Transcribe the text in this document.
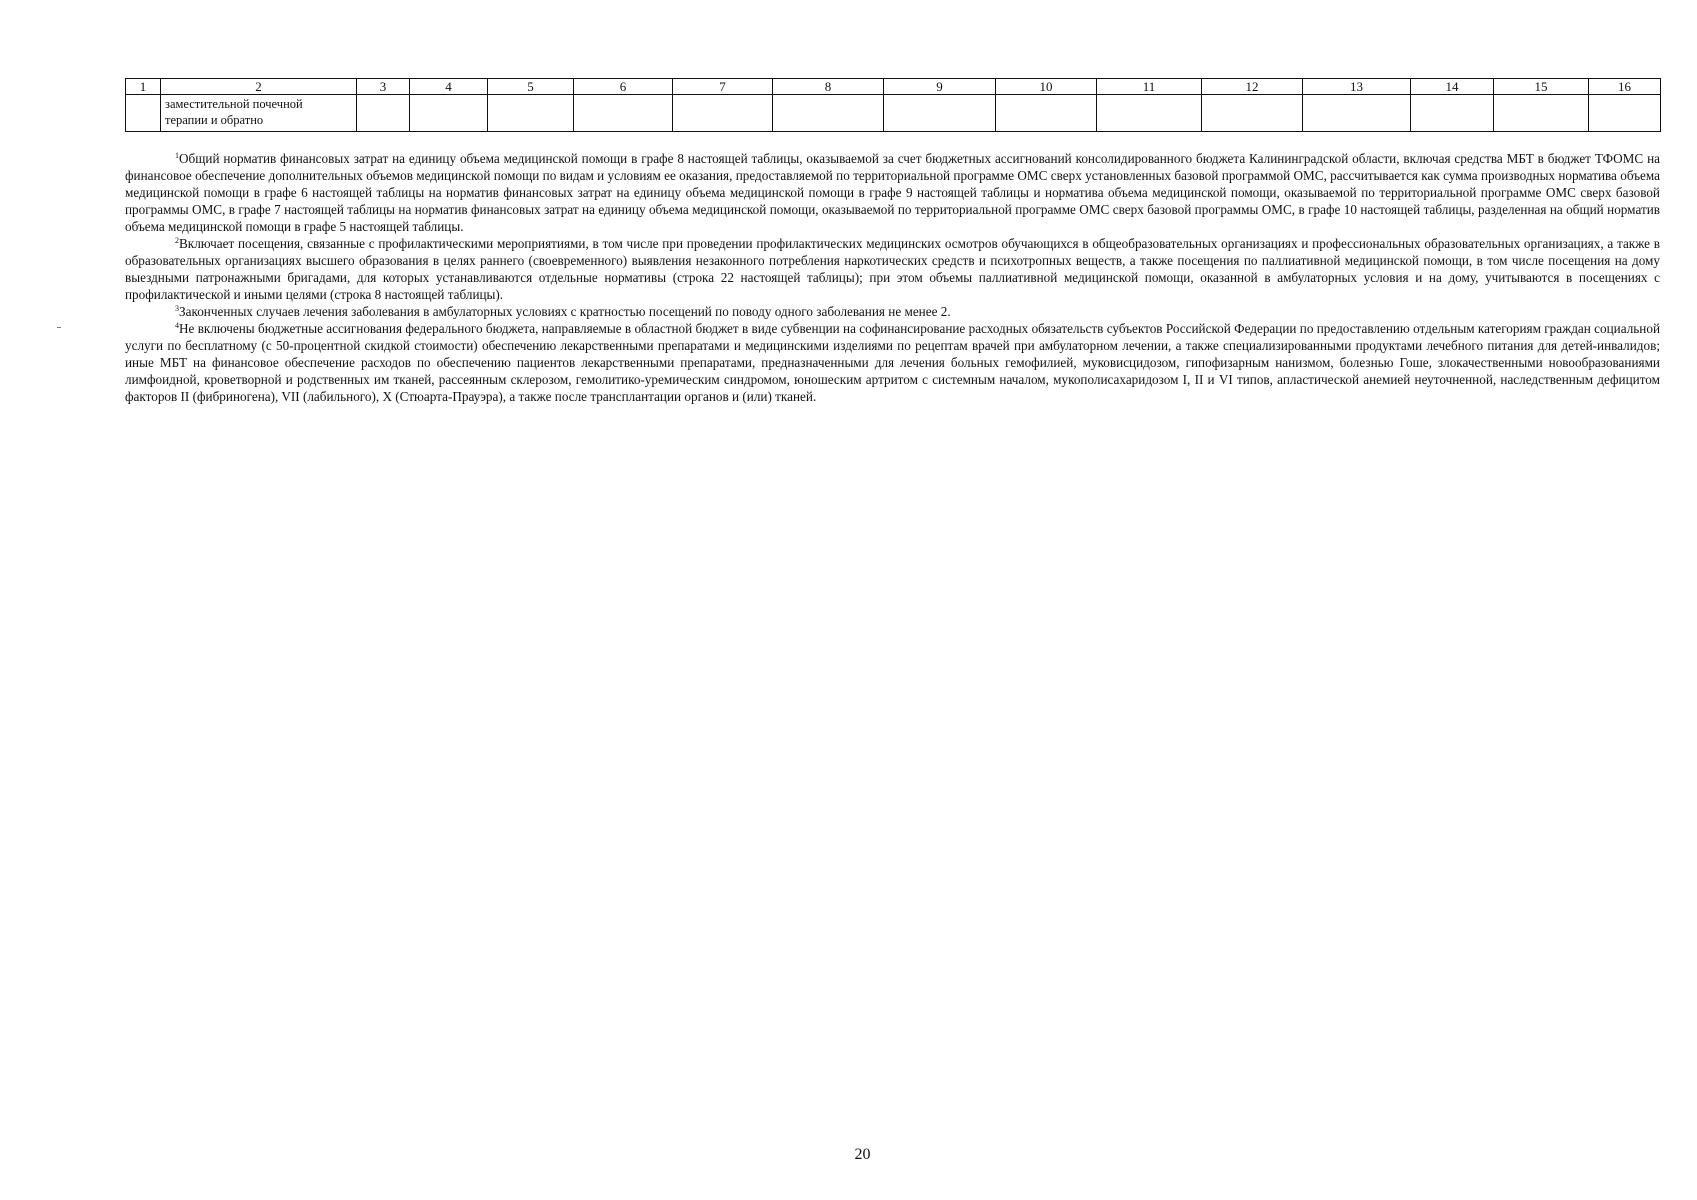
1	2	3	4	5	6	7	8	9	10	11	12	13	14	15	16

	заместительной почечной
терапии и обратно														

$^1$Общий норматив финансовых затрат на единицу объема медицинской помощи в графе 8 настоящей таблицы, оказываемой за счет бюджетных ассигнований консолидированного бюджета Калининградской области, включая средства МБТ в бюджет ТФОМС на финансовое обеспечение дополнительных объемов медицинской помощи по видам и условиям ее оказания, предоставляемой по территориальной программе ОМС сверх установленных базовой программой ОМС, рассчитывается как сумма производных норматива объема медицинской помощи в графе 6 настоящей таблицы на норматив финансовых затрат на единицу объема медицинской помощи в графе 9 настоящей таблицы и норматива объема медицинской помощи, оказываемой по территориальной программе ОМС сверх базовой программы ОМС, в графе 7 настоящей таблицы на норматив финансовых затрат на единицу объема медицинской помощи, оказываемой по территориальной программе ОМС сверх базовой программы ОМС, в графе 10 настоящей таблицы, разделенная на общий норматив объема медицинской помощи в графе 5 настоящей таблицы.

$^2$Включает посещения, связанные с профилактическими мероприятиями, в том числе при проведении профилактических медицинских осмотров обучающихся в общеобразовательных организациях и профессиональных образовательных организациях, а также в образовательных организациях высшего образования в целях раннего (своевременного) выявления незаконного потребления наркотических средств и психотропных веществ, а также посещения по паллиативной медицинской помощи, в том числе посещения на дому выездными патронажными бригадами, для которых устанавливаются отдельные нормативы (строка 22 настоящей таблицы); при этом объемы паллиативной медицинской помощи, оказанной в амбулаторных условия и на дому, учитываются в посещениях с профилактической и иными целями (строка 8 настоящей таблицы).

$^3$Законченных случаев лечения заболевания в амбулаторных условиях с кратностью посещений по поводу одного заболевания не менее 2.

$^4$Не включены бюджетные ассигнования федерального бюджета, направляемые в областной бюджет в виде субвенции на софинансирование расходных обязательств субъектов Российской Федерации по предоставлению отдельным категориям граждан социальной услуги по бесплатному (с 50-процентной скидкой стоимости) обеспечению лекарственными препаратами и медицинскими изделиями по рецептам врачей при амбулаторном лечении, а также специализированными продуктами лечебного питания для детей-инвалидов; иные МБТ на финансовое обеспечение расходов по обеспечению пациентов лекарственными препаратами, предназначенными для лечения больных гемофилией, муковисцидозом, гипофизарным нанизмом, болезнью Гоше, злокачественными новообразованиями лимфоидной, кроветворной и родственных им тканей, рассеянным склерозом, гемолитико-уремическим синдромом, юношеским артритом с системным началом, мукополисахаридозом I, II и VI типов, апластической анемией неуточненной, наследственным дефицитом факторов II (фибриногена), VII (лабильного), X (Стюарта-Прауэра), а также после трансплантации органов и (или) тканей.

20
